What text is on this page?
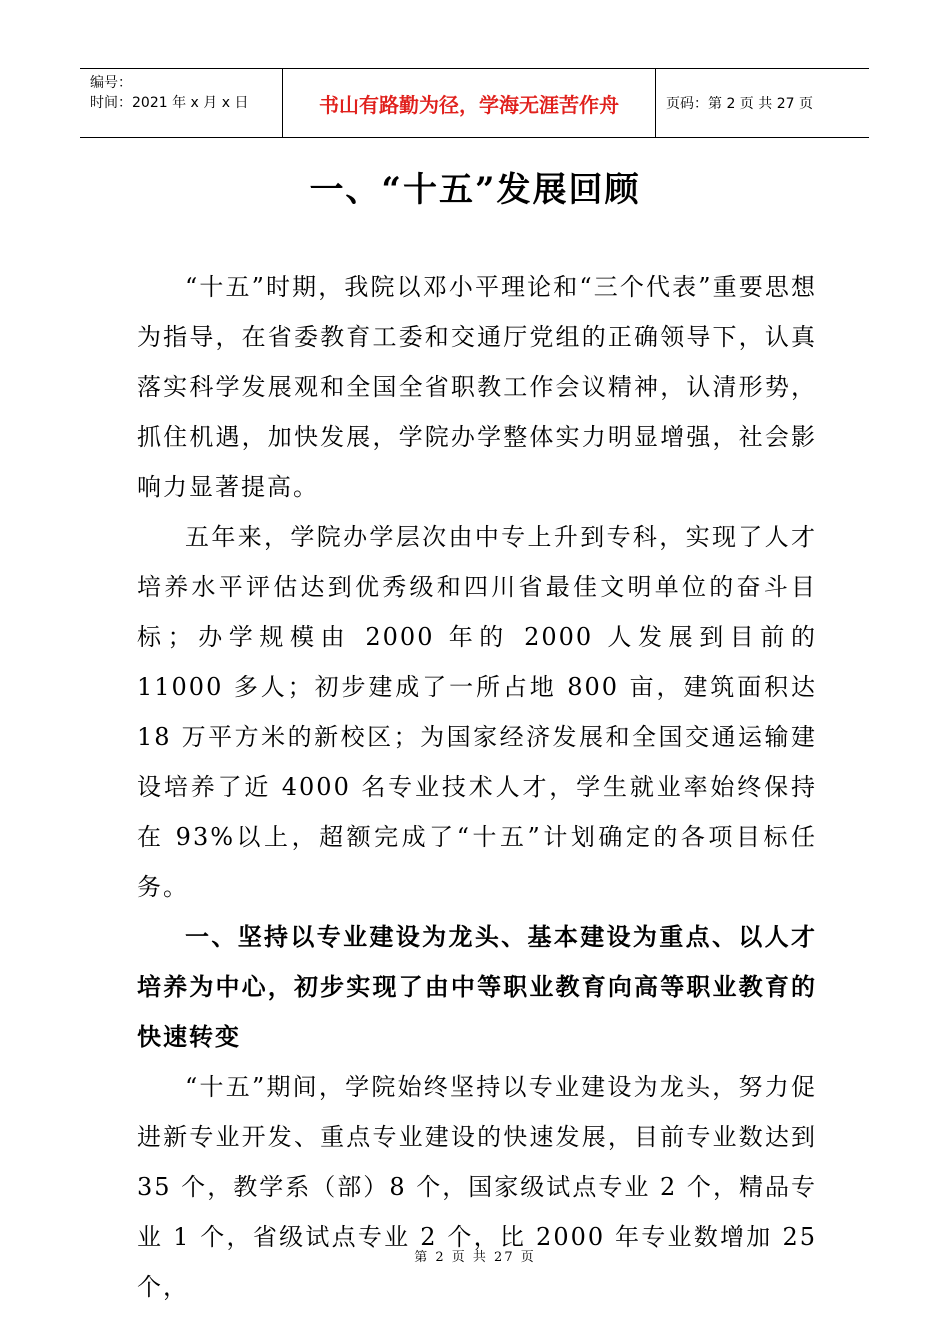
编号：
时间：2021 年 x 月 x 日	书山有路勤为径，学海无涯苦作舟	页码：第 2 页 共 27 页
一、“十五”发展回顾

“十五”时期，我院以邓小平理论和“三个代表”重要思想为指导，在省委教育工委和交通厅党组的正确领导下，认真落实科学发展观和全国全省职教工作会议精神，认清形势，抓住机遇，加快发展，学院办学整体实力明显增强，社会影响力显著提高。

五年来，学院办学层次由中专上升到专科，实现了人才培养水平评估达到优秀级和四川省最佳文明单位的奋斗目标；办学规模由 2000 年的 2000 人发展到目前的 11000 多人；初步建成了一所占地 800 亩，建筑面积达 18 万平方米的新校区；为国家经济发展和全国交通运输建设培养了近 4000 名专业技术人才，学生就业率始终保持在 93%以上，超额完成了“十五”计划确定的各项目标任务。

一、坚持以专业建设为龙头、基本建设为重点、以人才培养为中心，初步实现了由中等职业教育向高等职业教育的快速转变

“十五”期间，学院始终坚持以专业建设为龙头，努力促进新专业开发、重点专业建设的快速发展，目前专业数达到 35 个，教学系（部）8 个，国家级试点专业 2 个，精品专业 1 个，省级试点专业 2 个，比 2000 年专业数增加 25 个，

第 2 页 共 27 页
